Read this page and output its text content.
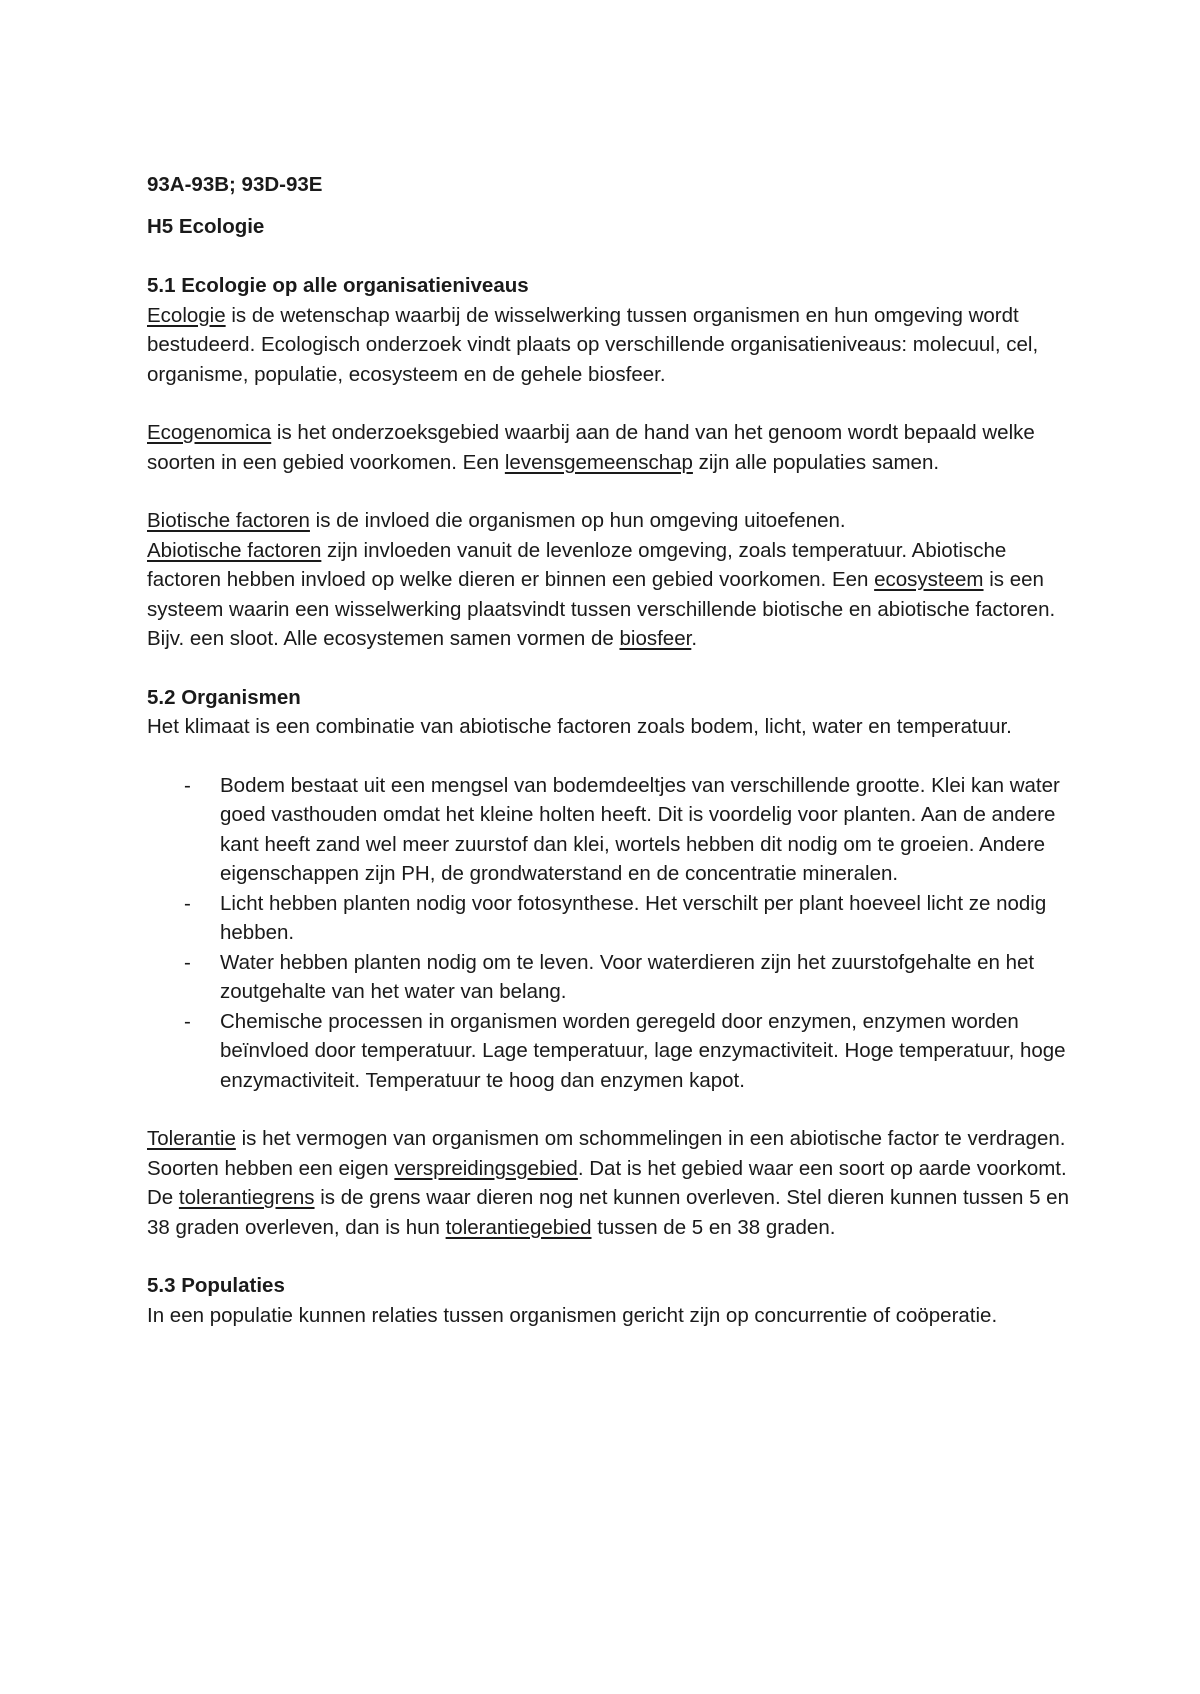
93A-93B; 93D-93E

H5 Ecologie

5.1 Ecologie op alle organisatieniveaus

Ecologie is de wetenschap waarbij de wisselwerking tussen organismen en hun omgeving wordt bestudeerd. Ecologisch onderzoek vindt plaats op verschillende organisatieniveaus: molecuul, cel, organisme, populatie, ecosysteem en de gehele biosfeer.

Ecogenomica is het onderzoeksgebied waarbij aan de hand van het genoom wordt bepaald welke soorten in een gebied voorkomen. Een levensgemeenschap zijn alle populaties samen.

Biotische factoren is de invloed die organismen op hun omgeving uitoefenen.
Abiotische factoren zijn invloeden vanuit de levenloze omgeving, zoals temperatuur. Abiotische factoren hebben invloed op welke dieren er binnen een gebied voorkomen. Een ecosysteem is een systeem waarin een wisselwerking plaatsvindt tussen verschillende biotische en abiotische factoren. Bijv. een sloot. Alle ecosystemen samen vormen de biosfeer.

5.2 Organismen

Het klimaat is een combinatie van abiotische factoren zoals bodem, licht, water en temperatuur.

- Bodem bestaat uit een mengsel van bodemdeeltjes van verschillende grootte. Klei kan water goed vasthouden omdat het kleine holten heeft. Dit is voordelig voor planten. Aan de andere kant heeft zand wel meer zuurstof dan klei, wortels hebben dit nodig om te groeien. Andere eigenschappen zijn PH, de grondwaterstand en de concentratie mineralen.
- Licht hebben planten nodig voor fotosynthese. Het verschilt per plant hoeveel licht ze nodig hebben.
- Water hebben planten nodig om te leven. Voor waterdieren zijn het zuurstofgehalte en het zoutgehalte van het water van belang.
- Chemische processen in organismen worden geregeld door enzymen, enzymen worden beïnvloed door temperatuur. Lage temperatuur, lage enzymactiviteit. Hoge temperatuur, hoge enzymactiviteit. Temperatuur te hoog dan enzymen kapot.

Tolerantie is het vermogen van organismen om schommelingen in een abiotische factor te verdragen. Soorten hebben een eigen verspreidingsgebied. Dat is het gebied waar een soort op aarde voorkomt. De tolerantiegrens is de grens waar dieren nog net kunnen overleven. Stel dieren kunnen tussen 5 en 38 graden overleven, dan is hun tolerantiegebied tussen de 5 en 38 graden.

5.3 Populaties

In een populatie kunnen relaties tussen organismen gericht zijn op concurrentie of coöperatie.
